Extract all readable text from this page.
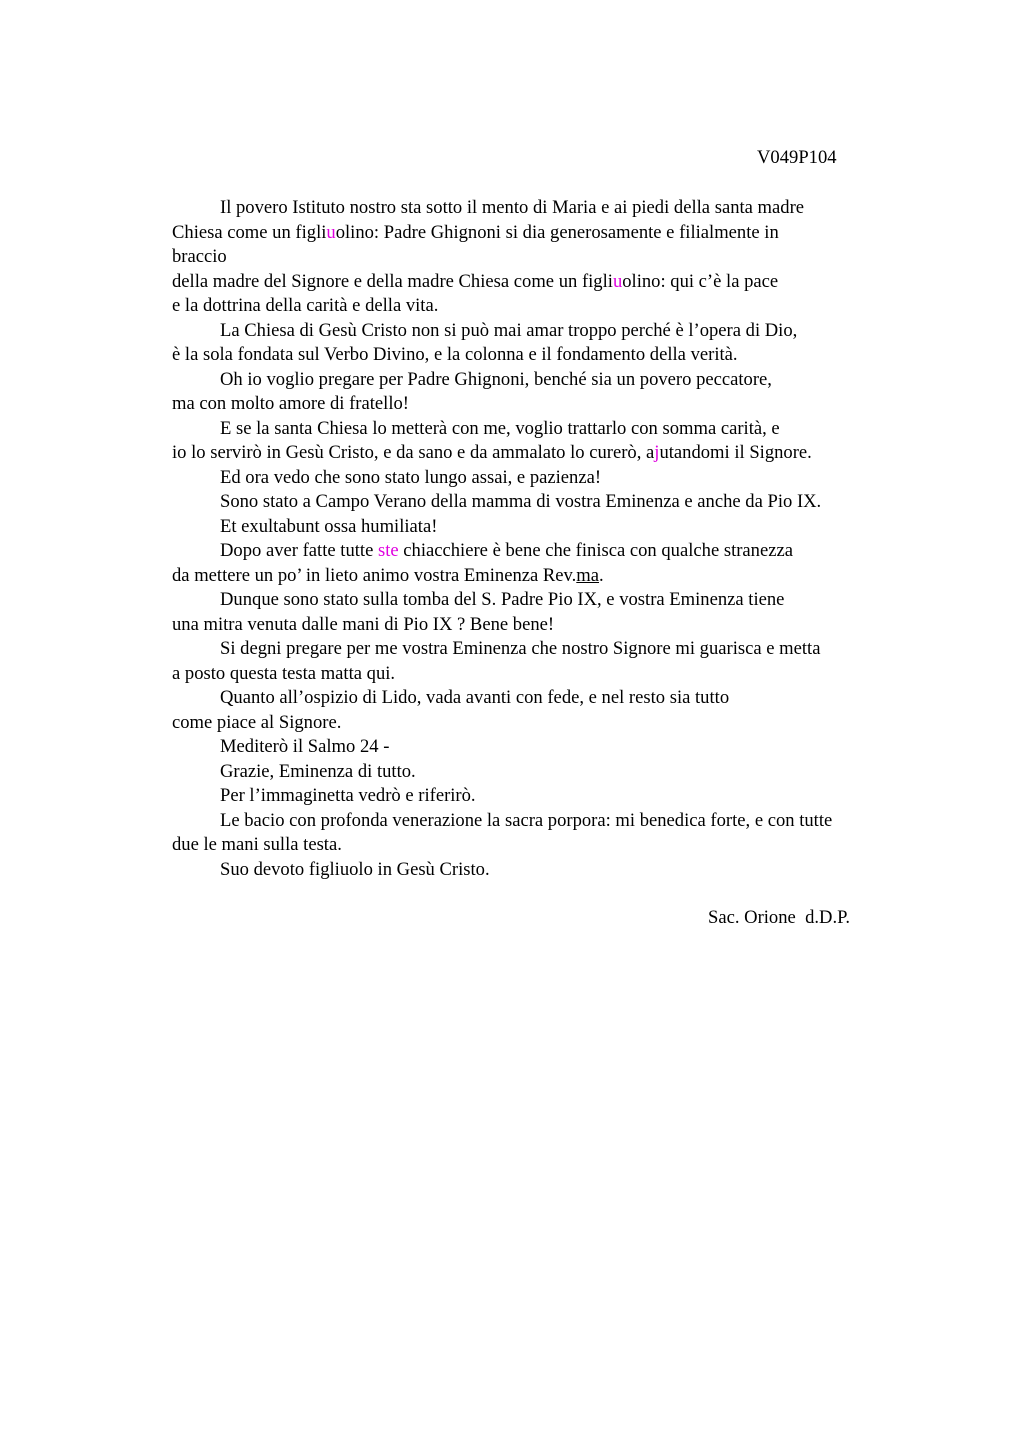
V049P104
Il povero Istituto nostro sta sotto il mento di Maria e ai piedi della santa madre
Chiesa come un figliuolino: Padre Ghignoni si dia generosamente e filialmente in
braccio
della madre del Signore e della madre Chiesa come un figliuolino: qui c’è la pace
e la dottrina della carità e della vita.
La Chiesa di Gesù Cristo non si può mai amar troppo perché è l’opera di Dio,
è la sola fondata sul Verbo Divino, e la colonna e il fondamento della verità.
Oh io voglio pregare per Padre Ghignoni, benché sia un povero peccatore,
ma con molto amore di fratello!
E se la santa Chiesa lo metterà con me, voglio trattarlo con somma carità, e
io lo servirò in Gesù Cristo, e da sano e da ammalato lo curerò, ajutandomi il Signore.
Ed ora vedo che sono stato lungo assai, e pazienza!
Sono stato a Campo Verano della mamma di vostra Eminenza e anche da Pio IX.
Et exultabunt ossa humiliata!
Dopo aver fatte tutte ste chiacchiere è bene che finisca con qualche stranezza
da mettere un po’ in lieto animo vostra Eminenza Rev.ma.
Dunque sono stato sulla tomba del S. Padre Pio IX, e vostra Eminenza tiene
una mitra venuta dalle mani di Pio IX ? Bene bene!
Si degni pregare per me vostra Eminenza che nostro Signore mi guarisca e metta
a posto questa testa matta qui.
Quanto all’ospizio di Lido, vada avanti con fede, e nel resto sia tutto
come piace al Signore.
Mediterò il Salmo 24 -
Grazie, Eminenza di tutto.
Per l’immaginetta vedrò e riferirò.
Le bacio con profonda venerazione la sacra porpora: mi benedica forte, e con tutte
due le mani sulla testa.
Suo devoto figliuolo in Gesù Cristo.
Sac. Orione  d.D.P.
